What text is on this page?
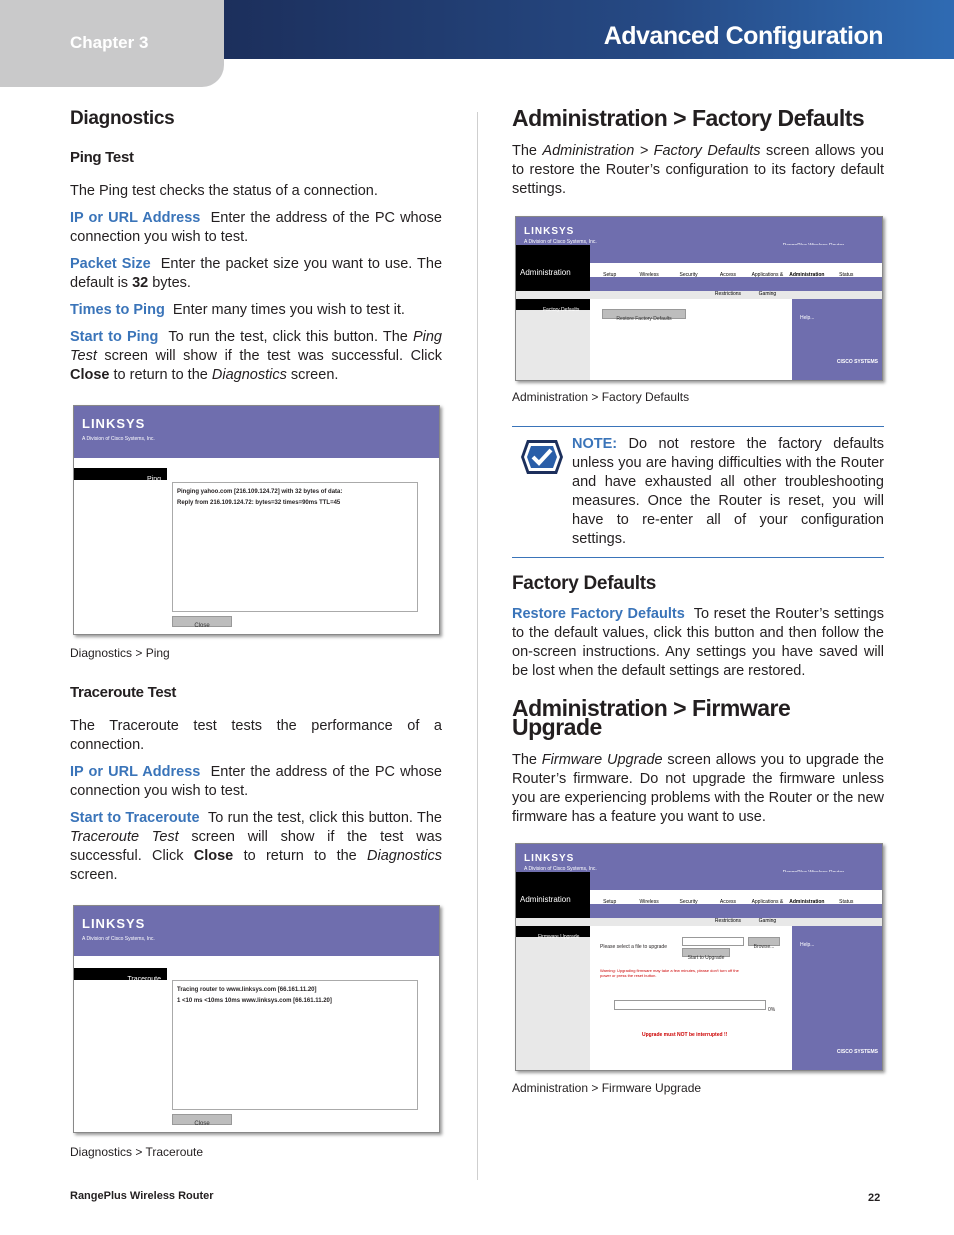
Chapter 3	Advanced Configuration
Diagnostics
Ping Test

The Ping test checks the status of a connection.

IP or URL Address Enter the address of the PC whose connection you wish to test.

Packet Size Enter the packet size you want to use. The default is 32 bytes.

Times to Ping Enter many times you wish to test it.

Start to Ping To run the test, click this button. The Ping Test screen will show if the test was successful. Click Close to return to the Diagnostics screen.

LINKSYS
A Division of Cisco Systems, Inc.
Ping
Pinging yahoo.com [216.109.124.72] with 32 bytes of data:
Reply from 216.109.124.72: bytes=32 times=90ms TTL=45
Close

Diagnostics > Ping

Traceroute Test

The Traceroute test tests the performance of a connection.

IP or URL Address Enter the address of the PC whose connection you wish to test.

Start to Traceroute To run the test, click this button. The Traceroute Test screen will show if the test was successful. Click Close to return to the Diagnostics screen.

LINKSYS
A Division of Cisco Systems, Inc.
Traceroute
Tracing router to www.linksys.com [66.161.11.20]
1 <10 ms <10ms 10ms www.linksys.com [66.161.11.20]
Close

Diagnostics > Traceroute

Administration > Factory Defaults

The Administration > Factory Defaults screen allows you to restore the Router’s configuration to its factory default settings.

LINKSYS
A Division of Cisco Systems, Inc.
Administration	Setup	Wireless	Security	Access Restrictions
Applications & Gaming
Administration	Status
Factory Defaults
Restore Factory Defaults	Help...
CISCO SYSTEMS

Administration > Factory Defaults

NOTE: Do not restore the factory defaults unless you are having difficulties with the Router and have exhausted all other troubleshooting measures. Once the Router is reset, you will have to re-enter all of your configuration settings.

Factory Defaults

Restore Factory Defaults To reset the Router’s settings to the default values, click this button and then follow the on-screen instructions. Any settings you have saved will be lost when the default settings are restored.

Administration > Firmware Upgrade

The Firmware Upgrade screen allows you to upgrade the Router’s firmware. Do not upgrade the firmware unless you are experiencing problems with the Router or the new firmware has a feature you want to use.

LINKSYS
A Division of Cisco Systems, Inc.
Administration	Setup	Wireless	Security	Access Restrictions
Applications & Gaming
Administration	Status
Firmware Upgrade
Please select a file to upgrade	Browse...
Start to Upgrade
Warning: Upgrading firmware may take a few minutes, please don't turn off the power or press the reset button.
0%
Upgrade must NOT be interrupted !!
Help...
CISCO SYSTEMS

Administration > Firmware Upgrade

RangePlus Wireless Router	22
